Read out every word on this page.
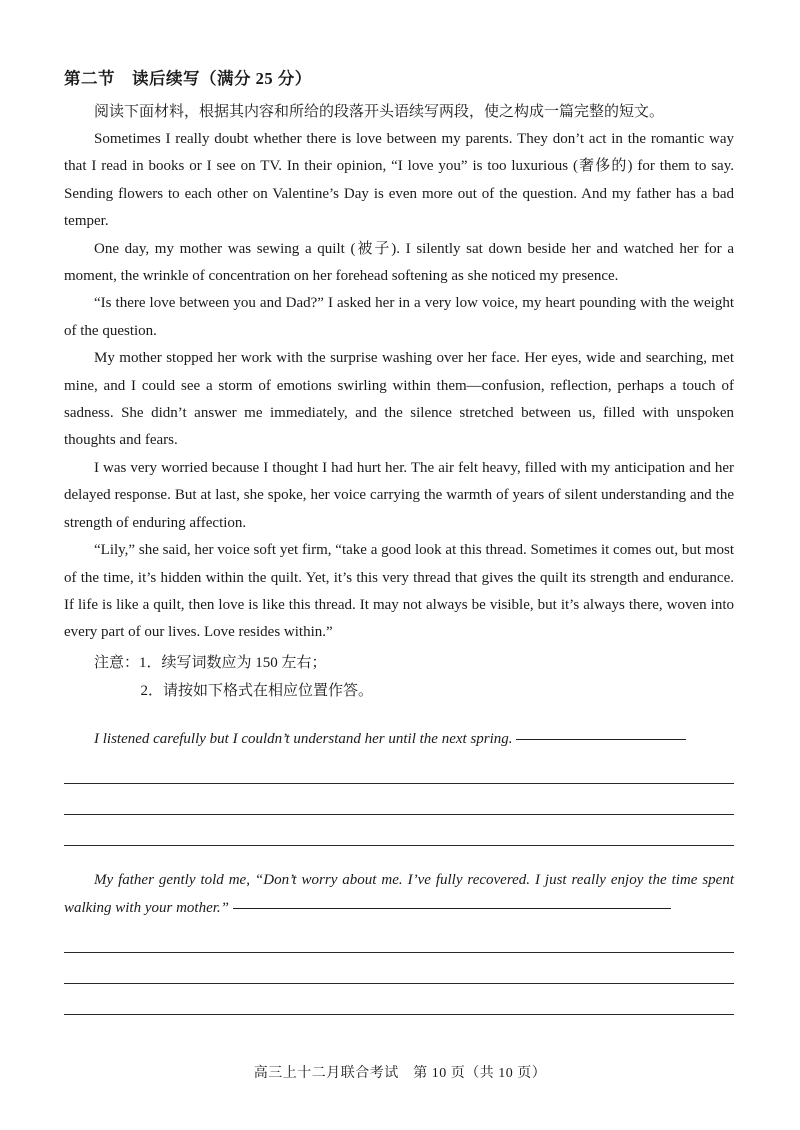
第二节　读后续写（满分 25 分）

阅读下面材料，根据其内容和所给的段落开头语续写两段，使之构成一篇完整的短文。

Sometimes I really doubt whether there is love between my parents. They don’t act in the romantic way that I read in books or I see on TV. In their opinion, “I love you” is too luxurious (奢侈的) for them to say. Sending flowers to each other on Valentine’s Day is even more out of the question. And my father has a bad temper.

One day, my mother was sewing a quilt (被子). I silently sat down beside her and watched her for a moment, the wrinkle of concentration on her forehead softening as she noticed my presence.

“Is there love between you and Dad?” I asked her in a very low voice, my heart pounding with the weight of the question.

My mother stopped her work with the surprise washing over her face. Her eyes, wide and searching, met mine, and I could see a storm of emotions swirling within them—confusion, reflection, perhaps a touch of sadness. She didn’t answer me immediately, and the silence stretched between us, filled with unspoken thoughts and fears.

I was very worried because I thought I had hurt her. The air felt heavy, filled with my anticipation and her delayed response. But at last, she spoke, her voice carrying the warmth of years of silent understanding and the strength of enduring affection.

“Lily,” she said, her voice soft yet firm, “take a good look at this thread. Sometimes it comes out, but most of the time, it’s hidden within the quilt. Yet, it’s this very thread that gives the quilt its strength and endurance. If life is like a quilt, then love is like this thread. It may not always be visible, but it’s always there, woven into every part of our lives. Love resides within.”

注意：1．续写词数应为 150 左右；
2．请按如下格式在相应位置作答。

I listened carefully but I couldn’t understand her until the next spring.

My father gently told me, “Don’t worry about me. I’ve fully recovered. I just really enjoy the time spent walking with your mother.”

高三上十二月联合考试　第 10 页（共 10 页）
